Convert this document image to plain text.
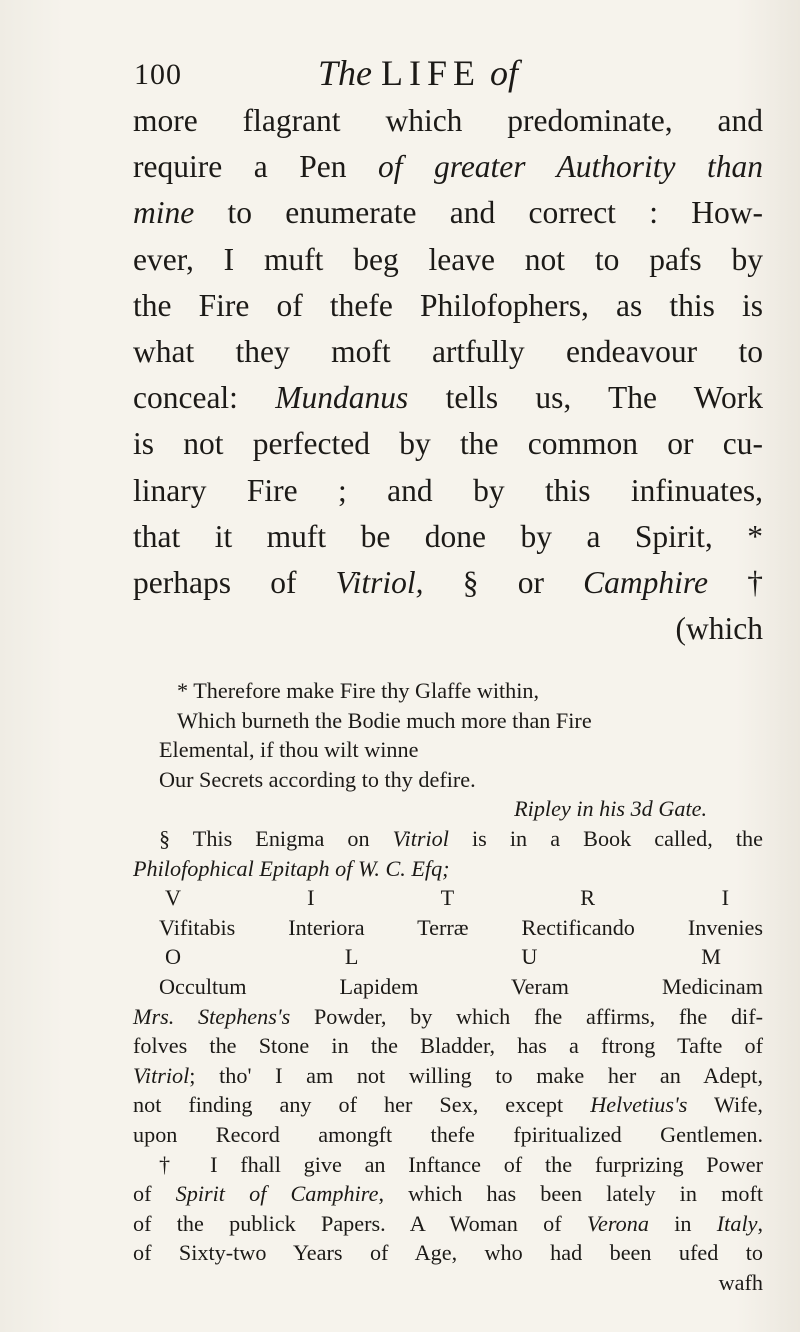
100	The LIFE of
more flagrant which predominate, and
require a Pen of greater Authority than
mine to enumerate and correct : How-
ever, I muft beg leave not to pafs by
the Fire of thefe Philofophers, as this is
what they moft artfully endeavour to
conceal: Mundanus tells us, The Work
is not perfected by the common or cu-
linary Fire ; and by this infinuates,
that it muft be done by a Spirit, *
perhaps of Vitriol, § or Camphire †
(which
* Therefore make Fire thy Glaffe within,
Which burneth the Bodie much more than Fire
Elemental, if thou wilt winne
Our Secrets according to thy defire.
Ripley in his 3d Gate.
§ This Enigma on Vitriol is in a Book called, the
Philofophical Epitaph of W. C. Efq;
V I T R I
Vifitabis Interiora Terræ Rectificando Invenies
O L U M
Occultum Lapidem Veram Medicinam
Mrs. Stephens's Powder, by which fhe affirms, fhe dif-
folves the Stone in the Bladder, has a ftrong Tafte of
Vitriol; tho' I am not willing to make her an Adept,
not finding any of her Sex, except Helvetius's Wife,
upon Record amongft thefe fpiritualized Gentlemen.
† I fhall give an Inftance of the furprizing Power
of Spirit of Camphire, which has been lately in moft
of the publick Papers. A Woman of Verona in Italy,
of Sixty-two Years of Age, who had been ufed to
wafh
